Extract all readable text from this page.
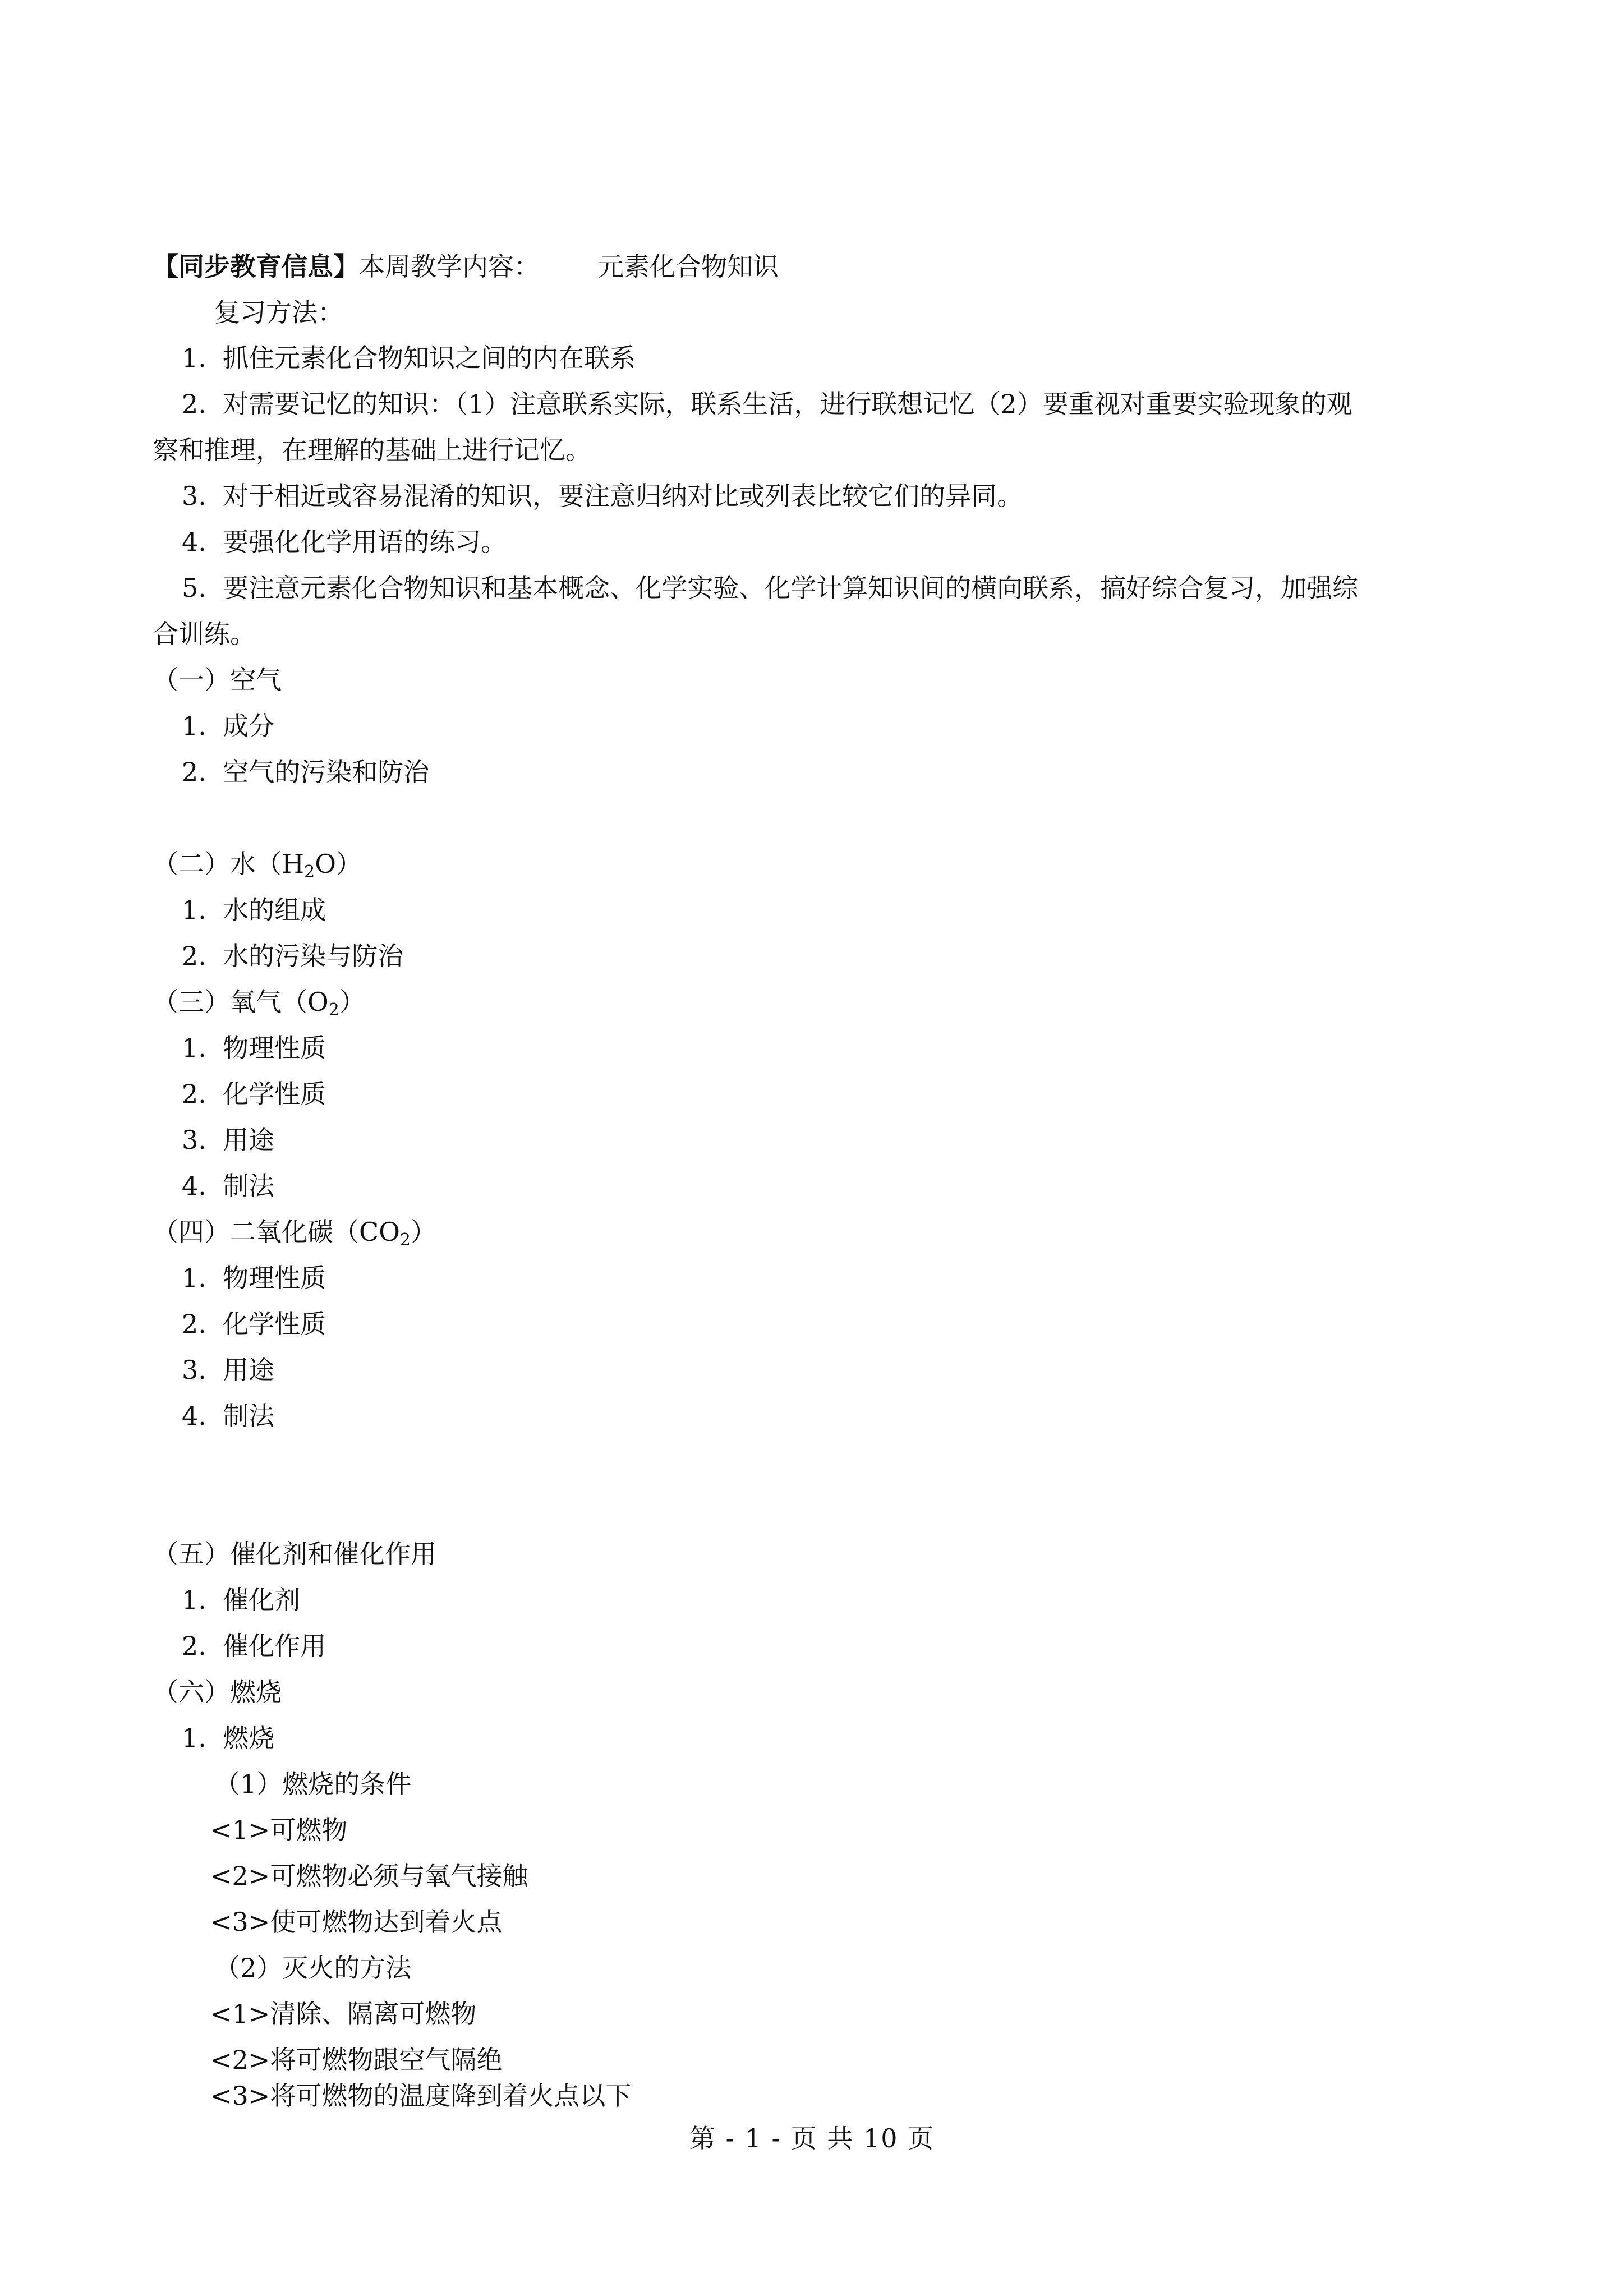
【同步教育信息】本周教学内容： 元素化合物知识
复习方法：
1. 抓住元素化合物知识之间的内在联系
2. 对需要记忆的知识：（1）注意联系实际，联系生活，进行联想记忆（2）要重视对重要实验现象的观
察和推理，在理解的基础上进行记忆。
3. 对于相近或容易混淆的知识，要注意归纳对比或列表比较它们的异同。
4. 要强化化学用语的练习。
5. 要注意元素化合物知识和基本概念、化学实验、化学计算知识间的横向联系，搞好综合复习，加强综
合训练。
（一）空气
1. 成分
2. 空气的污染和防治
（二）水$(H_2O)$
1. 水的组成
2. 水的污染与防治
（三）氧气$(O_2)$
1. 物理性质
2. 化学性质
3. 用途
4. 制法
（四）二氧化碳$(CO_2)$
1. 物理性质
2. 化学性质
3. 用途
4. 制法
（五）催化剂和催化作用
1. 催化剂
2. 催化作用
（六）燃烧
1. 燃烧
（1）燃烧的条件
<1>可燃物
<2>可燃物必须与氧气接触
<3>使可燃物达到着火点
（2）灭火的方法
<1>清除、隔离可燃物
<2>将可燃物跟空气隔绝
<3>将可燃物的温度降到着火点以下
第 - 1 - 页 共 10 页
